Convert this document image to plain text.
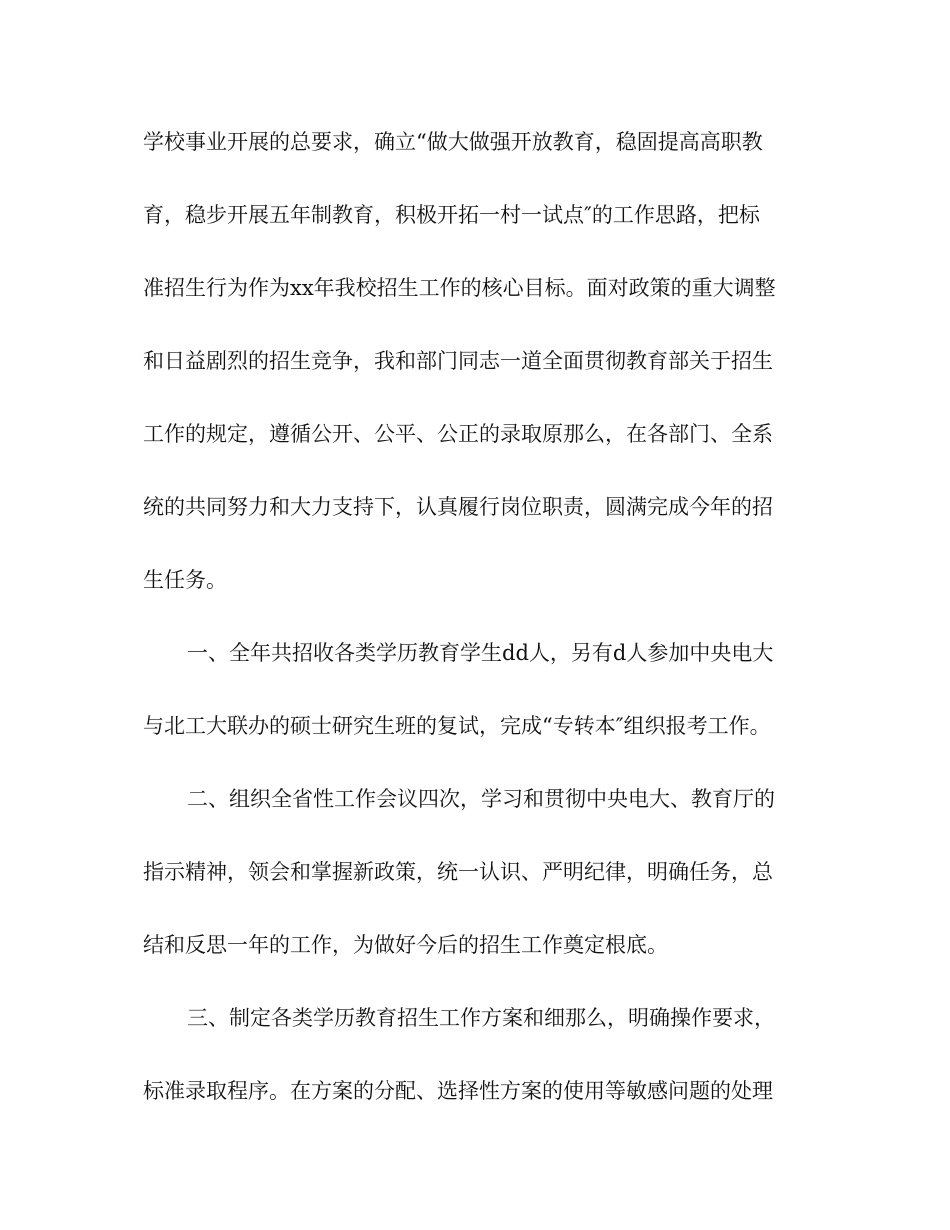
学校事业开展的总要求，确立“做大做强开放教育，稳固提高高职教
育，稳步开展五年制教育，积极开拓一村一试点″的工作思路，把标
准招生行为作为xx年我校招生工作的核心目标。面对政策的重大调整
和日益剧烈的招生竞争，我和部门同志一道全面贯彻教育部关于招生
工作的规定，遵循公开、公平、公正的录取原那么，在各部门、全系
统的共同努力和大力支持下，认真履行岗位职责，圆满完成今年的招
生任务。
一、全年共招收各类学历教育学生dd人，另有d人参加中央电大
与北工大联办的硕士研究生班的复试，完成“专转本″组织报考工作。
二、组织全省性工作会议四次，学习和贯彻中央电大、教育厅的
指示精神，领会和掌握新政策，统一认识、严明纪律，明确任务，总
结和反思一年的工作，为做好今后的招生工作奠定根底。
三、制定各类学历教育招生工作方案和细那么，明确操作要求，
标准录取程序。在方案的分配、选择性方案的使用等敏感问题的处理
